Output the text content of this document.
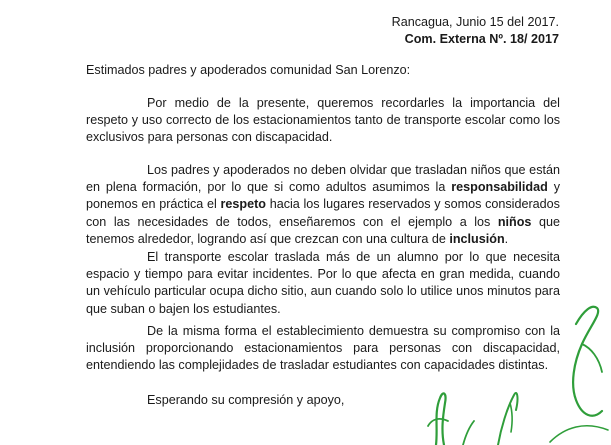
Rancagua, Junio 15 del 2017.
Com. Externa Nº. 18/ 2017
Estimados padres y apoderados comunidad San Lorenzo:

Por medio de la presente, queremos recordarles la importancia del respeto y uso correcto de los estacionamientos tanto de transporte escolar como los exclusivos para personas con discapacidad.

Los padres y apoderados no deben olvidar que trasladan niños que están en plena formación, por lo que si como adultos asumimos la responsabilidad y ponemos en práctica el respeto hacia los lugares reservados y somos considerados con las necesidades de todos, enseñaremos con el ejemplo a los niños que tenemos alrededor, logrando así que crezcan con una cultura de inclusión.

El transporte escolar traslada más de un alumno por lo que necesita espacio y tiempo para evitar incidentes. Por lo que afecta en gran medida, cuando un vehículo particular ocupa dicho sitio, aun cuando solo lo utilice unos minutos para que suban o bajen los estudiantes.

De la misma forma el establecimiento demuestra su compromiso con la inclusión proporcionando estacionamientos para personas con discapacidad, entendiendo las complejidades de trasladar estudiantes con capacidades distintas.

Esperando su compresión y apoyo,
